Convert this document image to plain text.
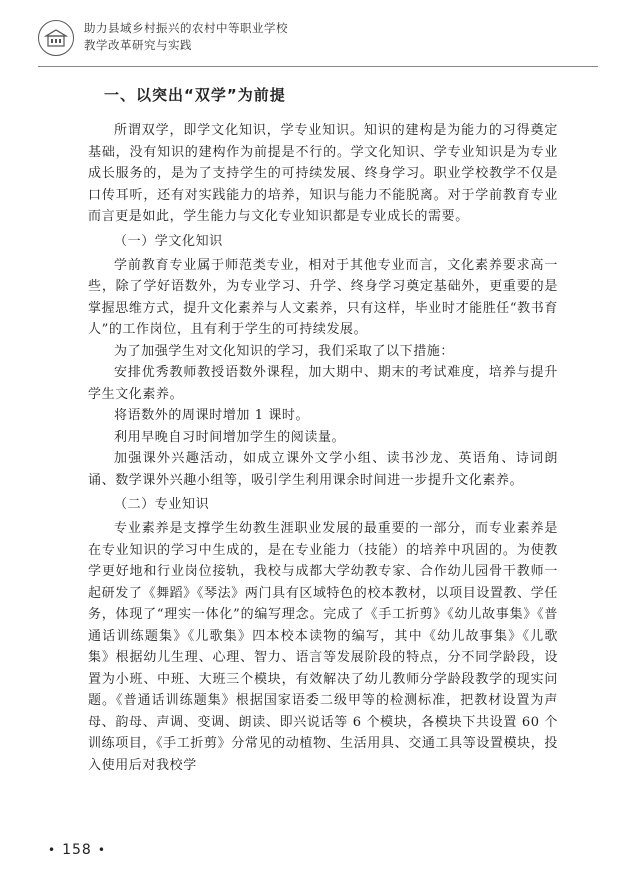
助力县域乡村振兴的农村中等职业学校
教学改革研究与实践
一、以突出“双学”为前提

所谓双学，即学文化知识，学专业知识。知识的建构是为能力的习得奠定基础，没有知识的建构作为前提是不行的。学文化知识、学专业知识是为专业成长服务的，是为了支持学生的可持续发展、终身学习。职业学校教学不仅是口传耳听，还有对实践能力的培养，知识与能力不能脱离。对于学前教育专业而言更是如此，学生能力与文化专业知识都是专业成长的需要。

（一）学文化知识

学前教育专业属于师范类专业，相对于其他专业而言，文化素养要求高一些，除了学好语数外，为专业学习、升学、终身学习奠定基础外，更重要的是掌握思维方式，提升文化素养与人文素养，只有这样，毕业时才能胜任“教书育人”的工作岗位，且有利于学生的可持续发展。

为了加强学生对文化知识的学习，我们采取了以下措施：

安排优秀教师教授语数外课程，加大期中、期末的考试难度，培养与提升学生文化素养。

将语数外的周课时增加 1 课时。

利用早晚自习时间增加学生的阅读量。

加强课外兴趣活动，如成立课外文学小组、读书沙龙、英语角、诗词朗诵、数学课外兴趣小组等，吸引学生利用课余时间进一步提升文化素养。

（二）专业知识

专业素养是支撑学生幼教生涯职业发展的最重要的一部分，而专业素养是在专业知识的学习中生成的，是在专业能力（技能）的培养中巩固的。为使教学更好地和行业岗位接轨，我校与成都大学幼教专家、合作幼儿园骨干教师一起研发了《舞蹈》《琴法》两门具有区域特色的校本教材，以项目设置教、学任务，体现了“理实一体化”的编写理念。完成了《手工折剪》《幼儿故事集》《普通话训练题集》《儿歌集》四本校本读物的编写，其中《幼儿故事集》《儿歌集》根据幼儿生理、心理、智力、语言等发展阶段的特点，分不同学龄段，设置为小班、中班、大班三个模块，有效解决了幼儿教师分学龄段教学的现实问题。《普通话训练题集》根据国家语委二级甲等的检测标准，把教材设置为声母、韵母、声调、变调、朗读、即兴说话等 6 个模块，各模块下共设置 60 个训练项目，《手工折剪》分常见的动植物、生活用具、交通工具等设置模块，投入使用后对我校学

• 158 •
